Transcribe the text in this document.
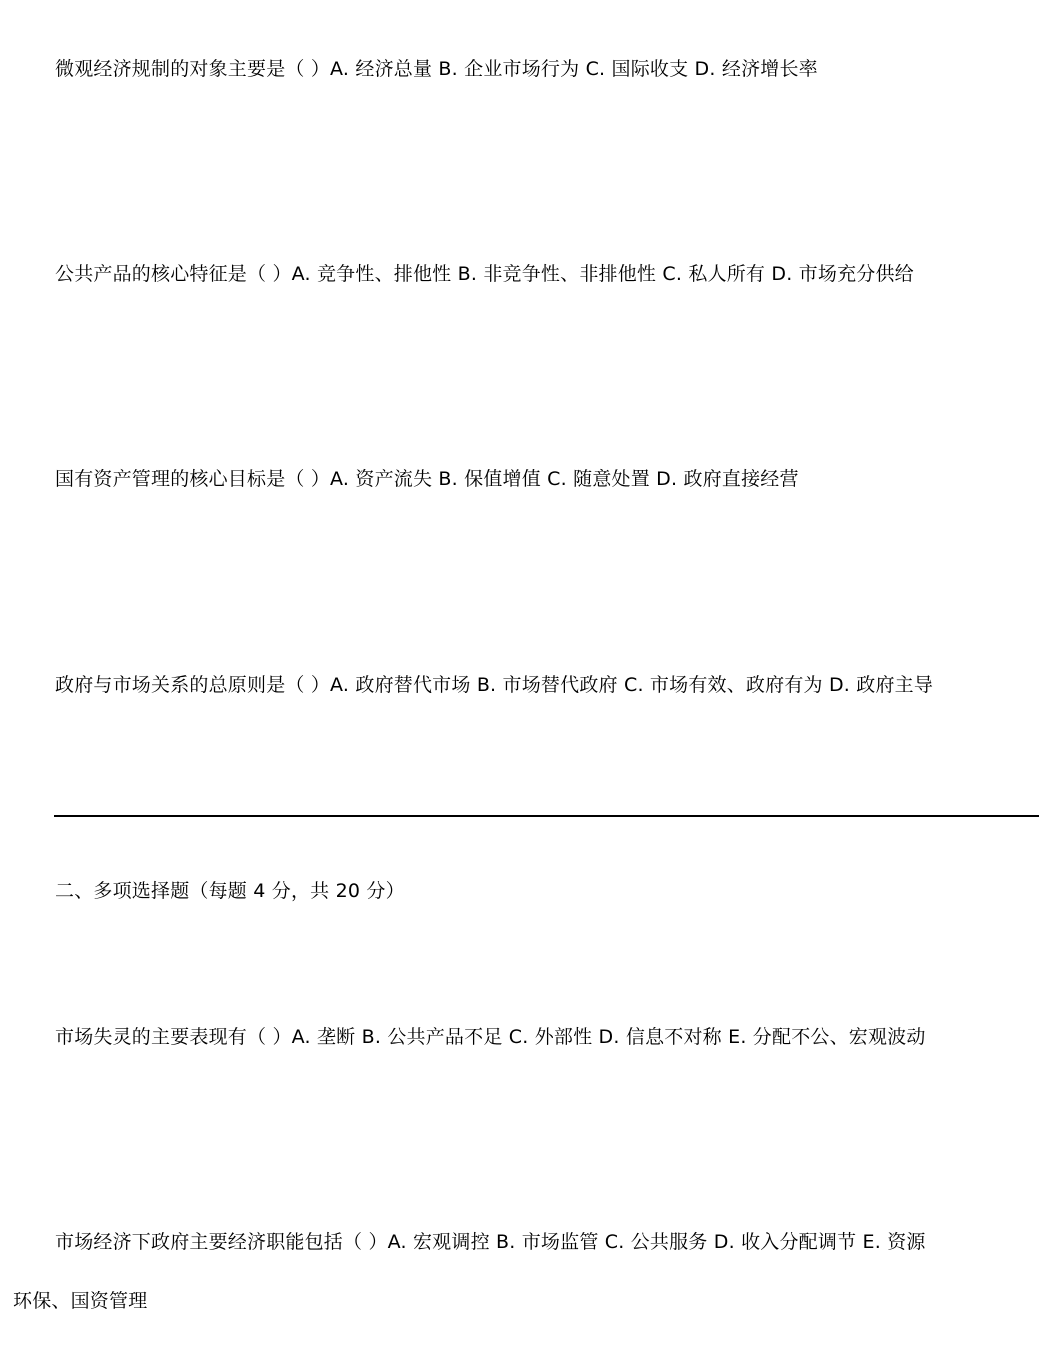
微观经济规制的对象主要是（ ）A. 经济总量 B. 企业市场行为 C. 国际收支 D. 经济增长率
公共产品的核心特征是（ ）A. 竞争性、排他性 B. 非竞争性、非排他性 C. 私人所有 D. 市场充分供给
国有资产管理的核心目标是（ ）A. 资产流失 B. 保值增值 C. 随意处置 D. 政府直接经营
政府与市场关系的总原则是（ ）A. 政府替代市场 B. 市场替代政府 C. 市场有效、政府有为 D. 政府主导
二、多项选择题（每题 4 分，共 20 分）
市场失灵的主要表现有（ ）A. 垄断 B. 公共产品不足 C. 外部性 D. 信息不对称 E. 分配不公、宏观波动
市场经济下政府主要经济职能包括（ ）A. 宏观调控 B. 市场监管 C. 公共服务 D. 收入分配调节 E. 资源
环保、国资管理
